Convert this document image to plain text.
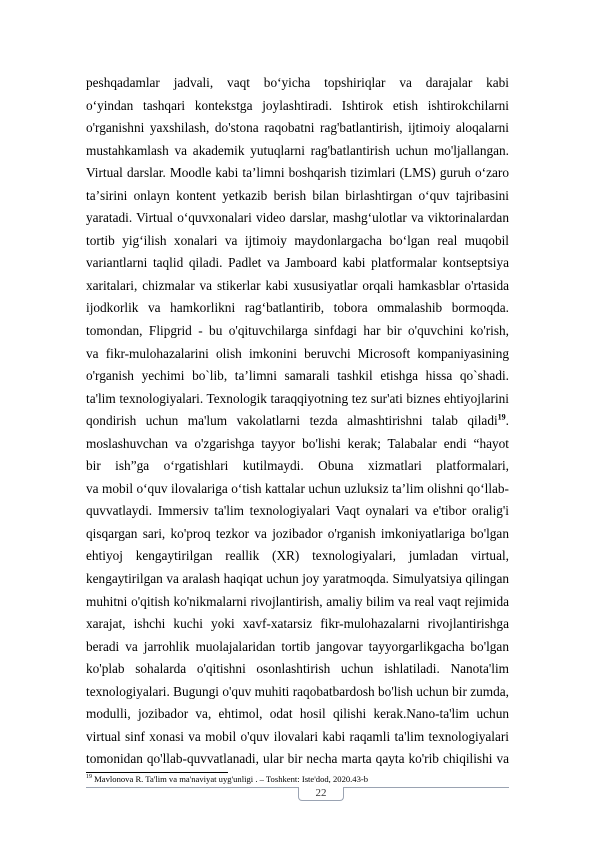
peshqadamlar jadvali, vaqt boʻyicha topshiriqlar va darajalar kabi
oʻyindan tashqari kontekstga joylashtiradi. Ishtirok etish ishtirokchilarni
o'rganishni yaxshilash, do'stona raqobatni rag'batlantirish, ijtimoiy aloqalarni
mustahkamlash va akademik yutuqlarni rag'batlantirish uchun mo'ljallangan.
Virtual darslar. Moodle kabi taʼlimni boshqarish tizimlari (LMS) guruh oʻzaro
taʼsirini onlayn kontent yetkazib berish bilan birlashtirgan oʻquv tajribasini
yaratadi. Virtual oʻquvxonalari video darslar, mashgʻulotlar va viktorinalardan
tortib yigʻilish xonalari va ijtimoiy maydonlargacha boʻlgan real muqobil
variantlarni taqlid qiladi. Padlet va Jamboard kabi platformalar kontseptsiya
xaritalari, chizmalar va stikerlar kabi xususiyatlar orqali hamkasblar o'rtasida
ijodkorlik va hamkorlikni ragʻbatlantirib, tobora ommalashib bormoqda.
tomondan, Flipgrid - bu o'qituvchilarga sinfdagi har bir o'quvchini ko'rish,
va fikr-mulohazalarini olish imkonini beruvchi Microsoft kompaniyasining
o'rganish yechimi bo`lib, ta’limni samarali tashkil etishga hissa qo`shadi.
ta'lim texnologiyalari. Texnologik taraqqiyotning tez sur'ati biznes ehtiyojlarini
qondirish uchun ma'lum vakolatlarni tezda almashtirishni talab qiladi$^{19}$.
moslashuvchan va o'zgarishga tayyor bo'lishi kerak; Talabalar endi “hayot
bir ish”ga oʻrgatishlari kutilmaydi. Obuna xizmatlari platformalari,
va mobil oʻquv ilovalariga oʻtish kattalar uchun uzluksiz taʼlim olishni qoʻllab-
quvvatlaydi. Immersiv ta'lim texnologiyalari Vaqt oynalari va e'tibor oralig'i
qisqargan sari, ko'proq tezkor va jozibador o'rganish imkoniyatlariga bo'lgan
ehtiyoj kengaytirilgan reallik (XR) texnologiyalari, jumladan virtual,
kengaytirilgan va aralash haqiqat uchun joy yaratmoqda. Simulyatsiya qilingan
muhitni o'qitish ko'nikmalarni rivojlantirish, amaliy bilim va real vaqt rejimida
xarajat, ishchi kuchi yoki xavf-xatarsiz fikr-mulohazalarni rivojlantirishga
beradi va jarrohlik muolajalaridan tortib jangovar tayyorgarlikgacha bo'lgan
ko'plab sohalarda o'qitishni osonlashtirish uchun ishlatiladi. Nanota'lim
texnologiyalari. Bugungi o'quv muhiti raqobatbardosh bo'lish uchun bir zumda,
modulli, jozibador va, ehtimol, odat hosil qilishi kerak.Nano-ta'lim uchun
virtual sinf xonasi va mobil o'quv ilovalari kabi raqamli ta'lim texnologiyalari
tomonidan qo'llab-quvvatlanadi, ular bir necha marta qayta ko'rib chiqilishi va
$^{19}$ Mavlonova R. Ta'lim va ma'naviyat uyg'unligi . – Toshkent: Iste'dod, 2020.43-b
22
